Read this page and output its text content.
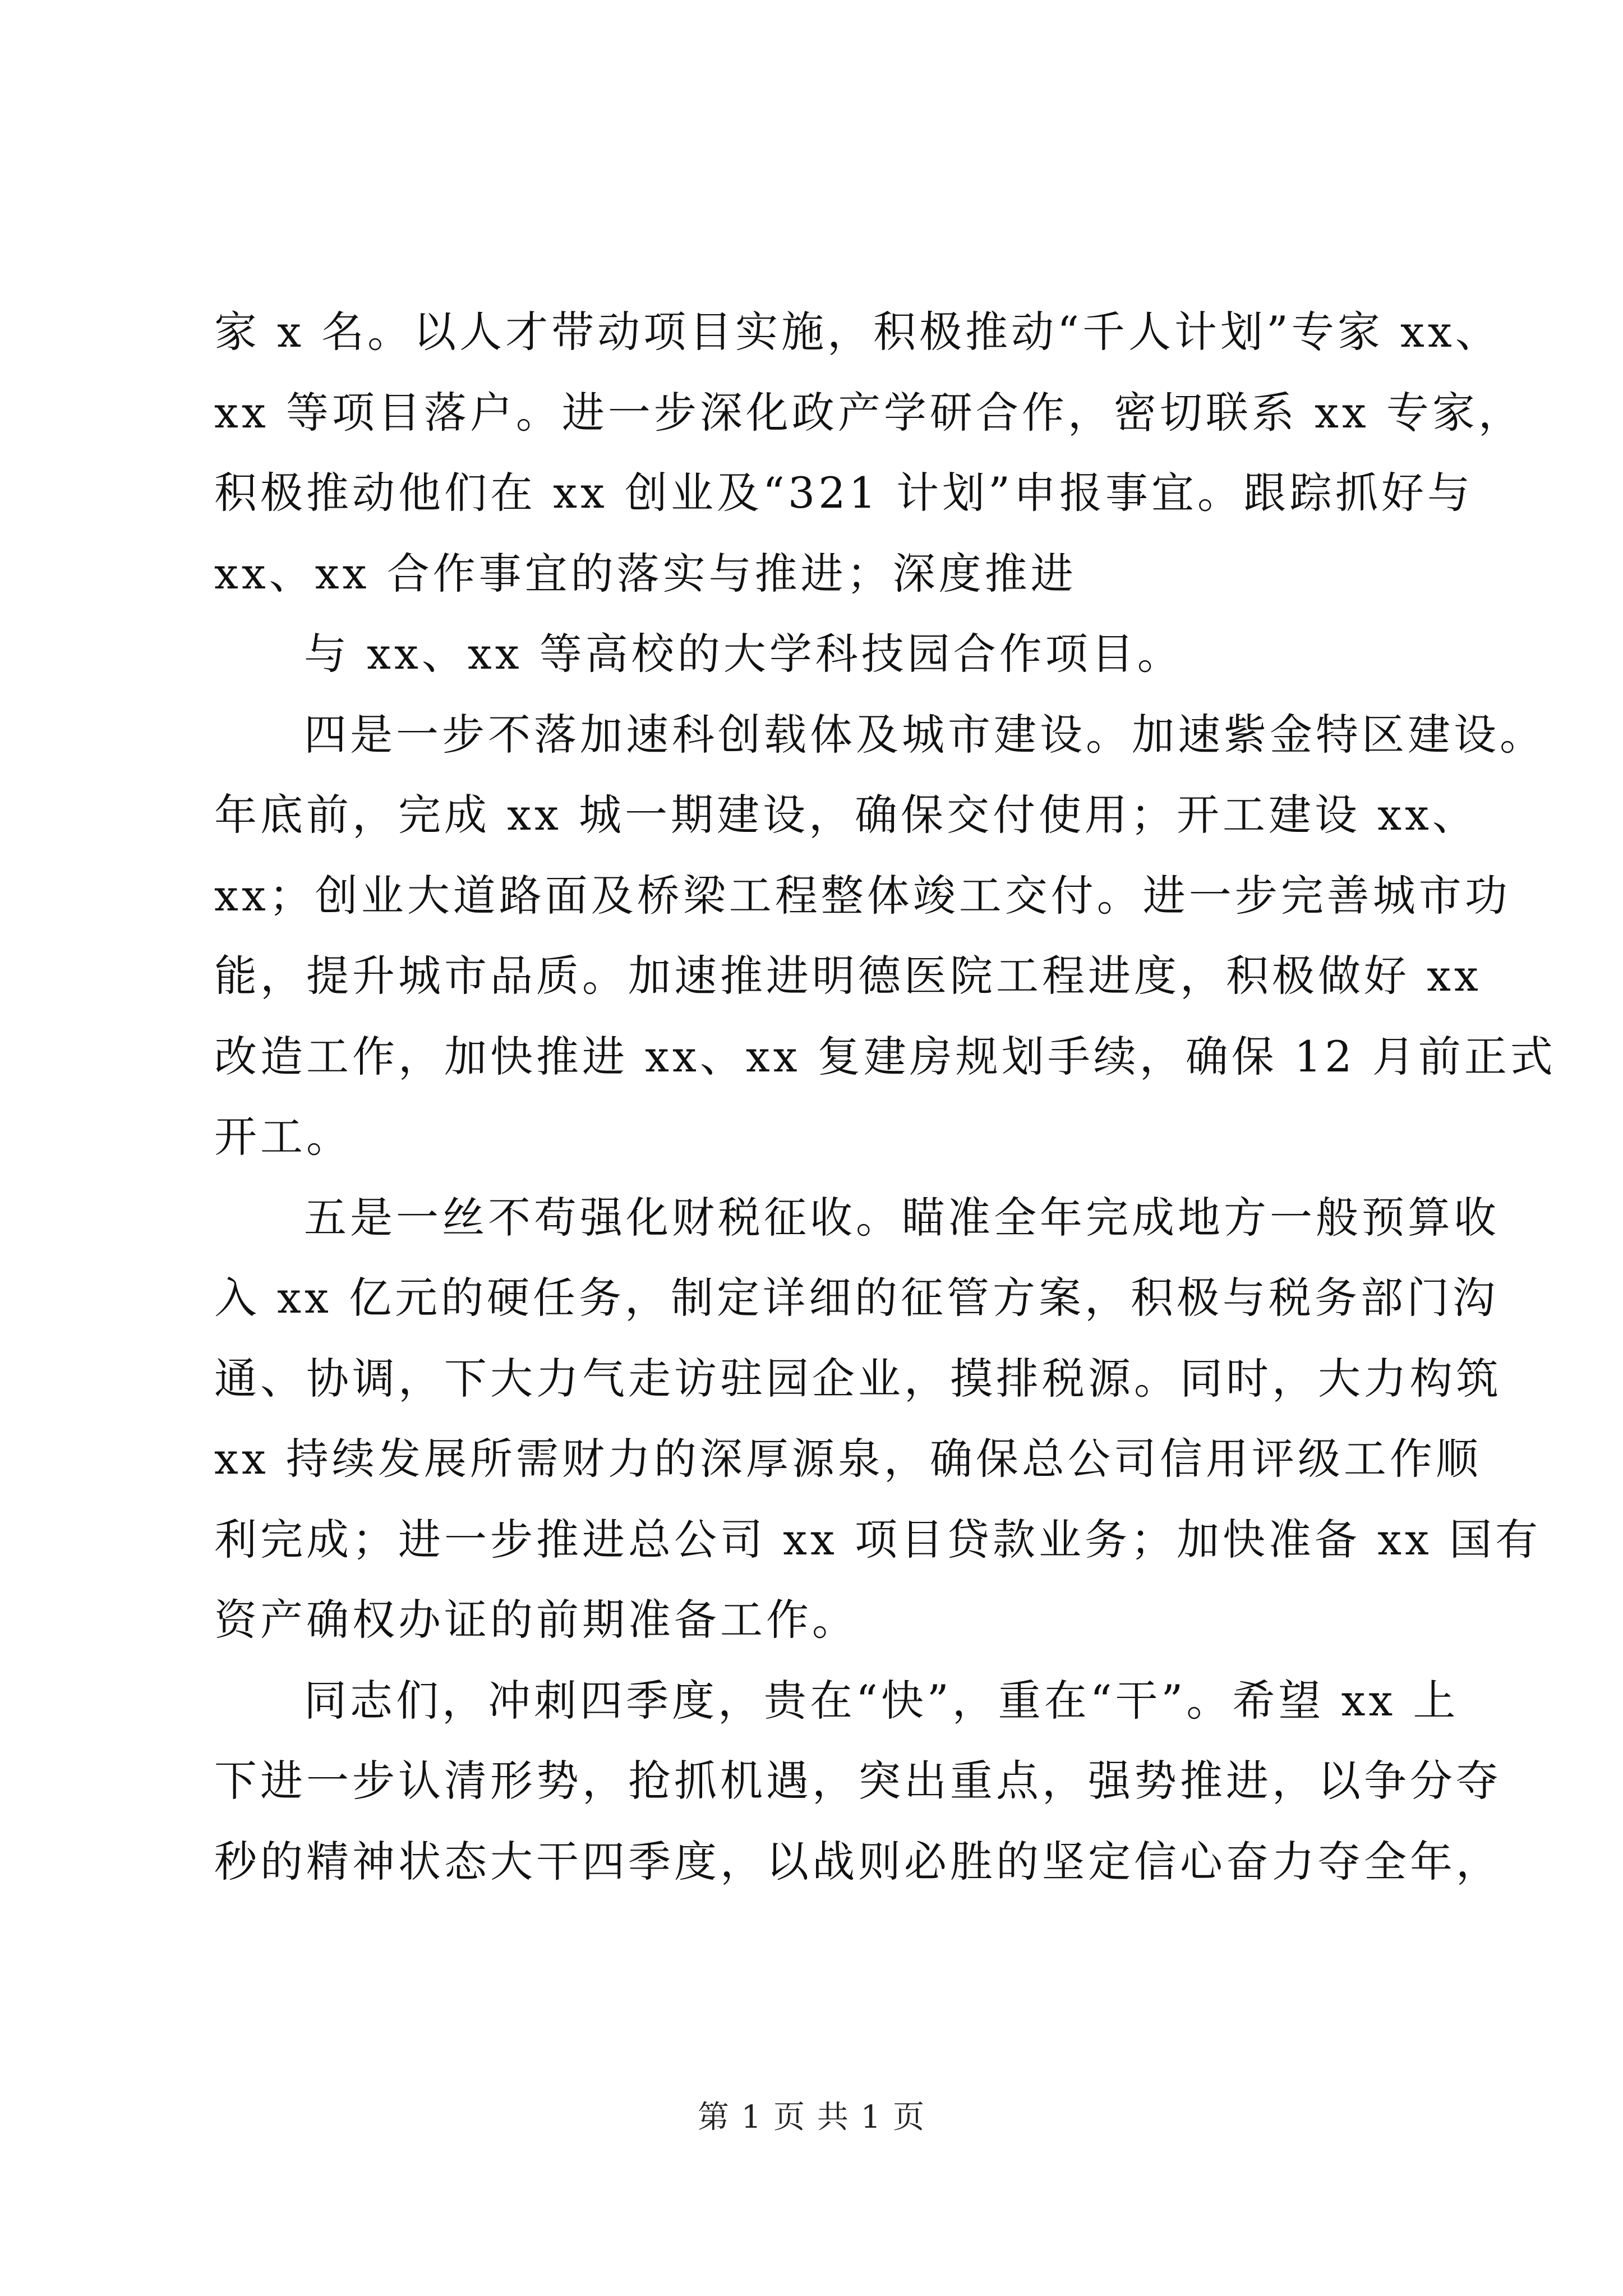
家 x 名。以人才带动项目实施，积极推动“千人计划”专家 xx、
xx 等项目落户。进一步深化政产学研合作，密切联系 xx 专家，
积极推动他们在 xx 创业及“321 计划”申报事宜。跟踪抓好与
xx、xx 合作事宜的落实与推进；深度推进
与 xx、xx 等高校的大学科技园合作项目。
四是一步不落加速科创载体及城市建设。加速紫金特区建设。
年底前，完成 xx 城一期建设，确保交付使用；开工建设 xx、
xx；创业大道路面及桥梁工程整体竣工交付。进一步完善城市功
能，提升城市品质。加速推进明德医院工程进度，积极做好 xx
改造工作，加快推进 xx、xx 复建房规划手续，确保 12 月前正式
开工。
五是一丝不苟强化财税征收。瞄准全年完成地方一般预算收
入 xx 亿元的硬任务，制定详细的征管方案，积极与税务部门沟
通、协调，下大力气走访驻园企业，摸排税源。同时，大力构筑
xx 持续发展所需财力的深厚源泉，确保总公司信用评级工作顺
利完成；进一步推进总公司 xx 项目贷款业务；加快准备 xx 国有
资产确权办证的前期准备工作。
同志们，冲刺四季度，贵在“快”，重在“干”。希望 xx 上
下进一步认清形势，抢抓机遇，突出重点，强势推进，以争分夺
秒的精神状态大干四季度，以战则必胜的坚定信心奋力夺全年，
第 1 页 共 1 页
